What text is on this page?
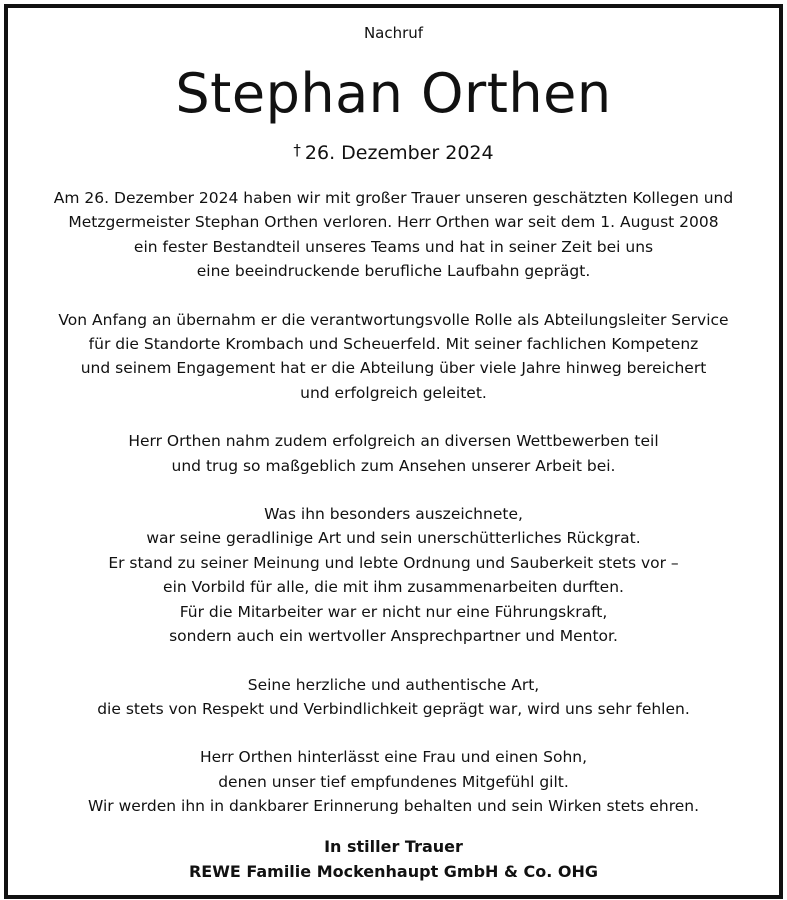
Nachruf
Stephan Orthen
† 26. Dezember 2024
Am 26. Dezember 2024 haben wir mit großer Trauer unseren geschätzten Kollegen und
Metzgermeister Stephan Orthen verloren. Herr Orthen war seit dem 1. August 2008
ein fester Bestandteil unseres Teams und hat in seiner Zeit bei uns
eine beeindruckende berufliche Laufbahn geprägt.
Von Anfang an übernahm er die verantwortungsvolle Rolle als Abteilungsleiter Service
für die Standorte Krombach und Scheuerfeld. Mit seiner fachlichen Kompetenz
und seinem Engagement hat er die Abteilung über viele Jahre hinweg bereichert
und erfolgreich geleitet.
Herr Orthen nahm zudem erfolgreich an diversen Wettbewerben teil
und trug so maßgeblich zum Ansehen unserer Arbeit bei.
Was ihn besonders auszeichnete,
war seine geradlinige Art und sein unerschütterliches Rückgrat.
Er stand zu seiner Meinung und lebte Ordnung und Sauberkeit stets vor –
ein Vorbild für alle, die mit ihm zusammenarbeiten durften.
Für die Mitarbeiter war er nicht nur eine Führungskraft,
sondern auch ein wertvoller Ansprechpartner und Mentor.
Seine herzliche und authentische Art,
die stets von Respekt und Verbindlichkeit geprägt war, wird uns sehr fehlen.
Herr Orthen hinterlässt eine Frau und einen Sohn,
denen unser tief empfundenes Mitgefühl gilt.
Wir werden ihn in dankbarer Erinnerung behalten und sein Wirken stets ehren.
In stiller Trauer
REWE Familie Mockenhaupt GmbH & Co. OHG
